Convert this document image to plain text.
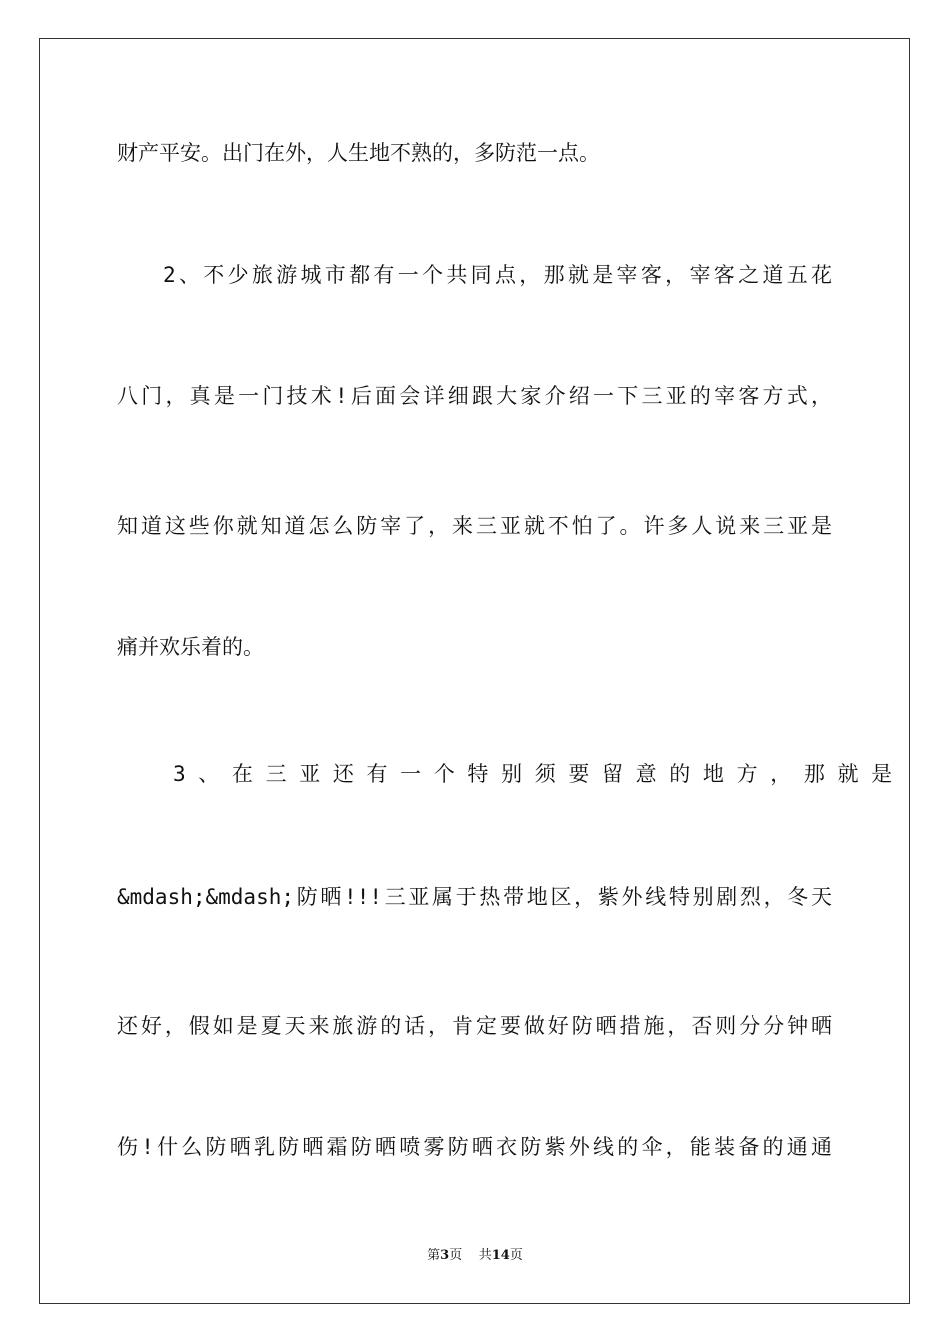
财产平安。出门在外，人生地不熟的，多防范一点。

2、不少旅游城市都有一个共同点，那就是宰客，宰客之道五花

八门，真是一门技术!后面会详细跟大家介绍一下三亚的宰客方式，

知道这些你就知道怎么防宰了，来三亚就不怕了。许多人说来三亚是

痛并欢乐着的。

3 、 在 三 亚 还 有 一 个 特 别 须 要 留 意 的 地 方 ， 那 就 是

&mdash;&mdash;防晒!!!三亚属于热带地区，紫外线特别剧烈，冬天

还好，假如是夏天来旅游的话，肯定要做好防晒措施，否则分分钟晒

伤!什么防晒乳防晒霜防晒喷雾防晒衣防紫外线的伞，能装备的通通

第3页 共14页
